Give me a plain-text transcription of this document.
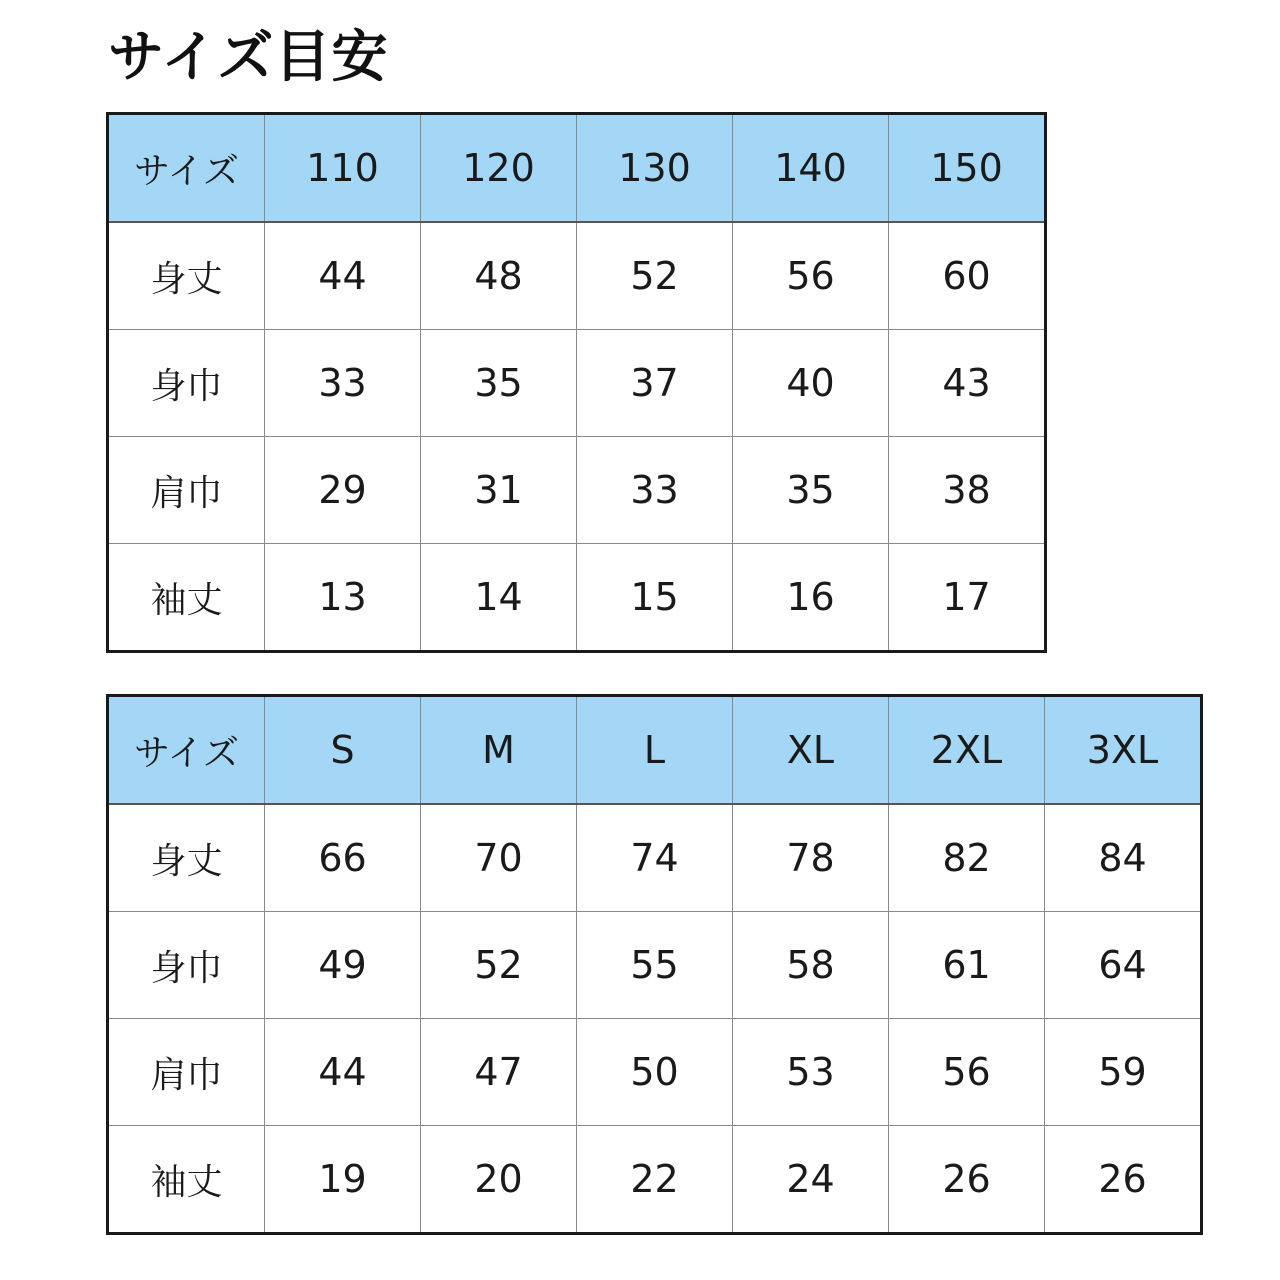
サイズ目安
サイズ	110	120	130	140	150
身丈	44	48	52	56	60
身巾	33	35	37	40	43
肩巾	29	31	33	35	38
袖丈	13	14	15	16	17
サイズ	S	M	L	XL	2XL	3XL
身丈	66	70	74	78	82	84
身巾	49	52	55	58	61	64
肩巾	44	47	50	53	56	59
袖丈	19	20	22	24	26	26
